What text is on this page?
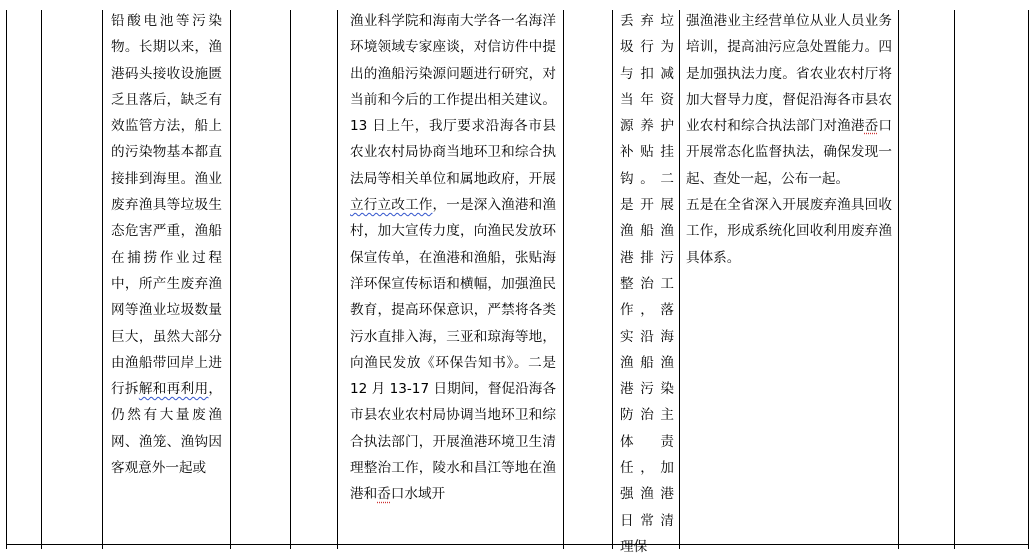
铅酸电池等污染物。长期以来，渔港码头接收设施匮乏且落后，缺乏有效监管方法，船上的污染物基本都直接排到海里。渔业废弃渔具等垃圾生态危害严重，渔船在捕捞作业过程中，所产生废弃渔网等渔业垃圾数量巨大，虽然大部分由渔船带回岸上进行拆解和再利用，仍然有大量废渔网、渔笼、渔钩因客观意外一起或
渔业科学院和海南大学各一名海洋环境领域专家座谈，对信访件中提出的渔船污染源问题进行研究，对当前和今后的工作提出相关建议。13 日上午，我厅要求沿海各市县农业农村局协商当地环卫和综合执法局等相关单位和属地政府，开展立行立改工作，一是深入渔港和渔村，加大宣传力度，向渔民发放环保宣传单，在渔港和渔船，张贴海洋环保宣传标语和横幅，加强渔民教育，提高环保意识，严禁将各类污水直排入海，三亚和琼海等地，向渔民发放《环保告知书》。二是 12 月 13-17 日期间，督促沿海各市县农业农村局协调当地环卫和综合执法部门，开展渔港环境卫生清理整治工作，陵水和昌江等地在渔港和岙口水域开
丢弃垃圾行为与扣减当年资源养护补贴挂钩。二是开展渔船渔港排污整治工作，落实沿海渔船渔港污染防治主体责任，加强渔港日常清理保
强渔港业主经营单位从业人员业务培训，提高油污应急处置能力。四是加强执法力度。省农业农村厅将加大督导力度，督促沿海各市县农业农村和综合执法部门对渔港岙口开展常态化监督执法，确保发现一起、查处一起，公布一起。
五是在全省深入开展废弃渔具回收工作，形成系统化回收利用废弃渔具体系。
